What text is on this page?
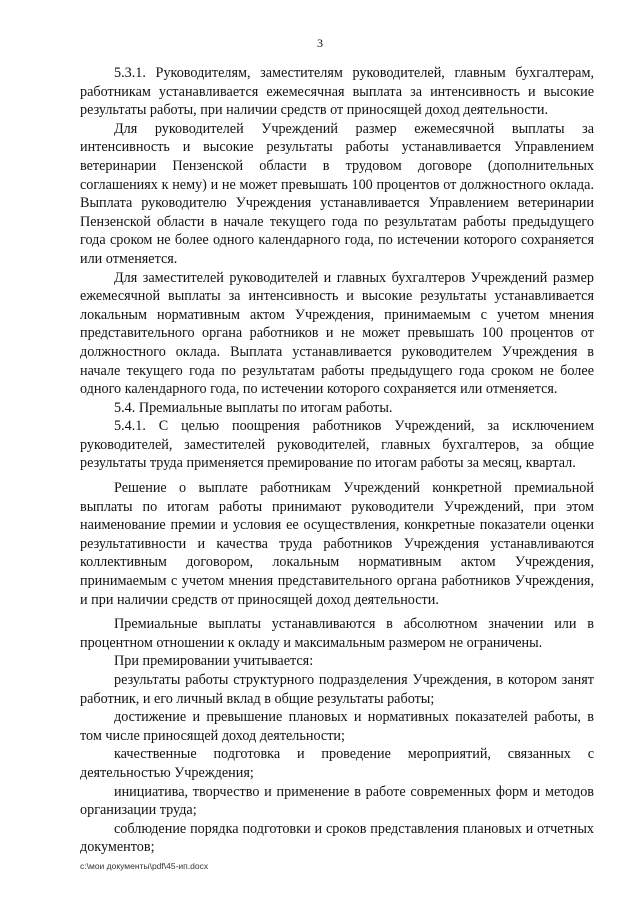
3

5.3.1. Руководителям, заместителям руководителей, главным бухгалтерам, работникам устанавливается ежемесячная выплата за интенсивность и высокие результаты работы, при наличии средств от приносящей доход деятельности.

Для руководителей Учреждений размер ежемесячной выплаты за интенсивность и высокие результаты работы устанавливается Управлением ветеринарии Пензенской области в трудовом договоре (дополнительных соглашениях к нему) и не может превышать 100 процентов от должностного оклада. Выплата руководителю Учреждения устанавливается Управлением ветеринарии Пензенской области в начале текущего года по результатам работы предыдущего года сроком не более одного календарного года, по истечении которого сохраняется или отменяется.

Для заместителей руководителей и главных бухгалтеров Учреждений размер ежемесячной выплаты за интенсивность и высокие результаты устанавливается локальным нормативным актом Учреждения, принимаемым с учетом мнения представительного органа работников и не может превышать 100 процентов от должностного оклада. Выплата устанавливается руководителем Учреждения в начале текущего года по результатам работы предыдущего года сроком не более одного календарного года, по истечении которого сохраняется или отменяется.

5.4. Премиальные выплаты по итогам работы.

5.4.1. С целью поощрения работников Учреждений, за исключением руководителей, заместителей руководителей, главных бухгалтеров, за общие результаты труда применяется премирование по итогам работы за месяц, квартал.

Решение о выплате работникам Учреждений конкретной премиальной выплаты по итогам работы принимают руководители Учреждений, при этом наименование премии и условия ее осуществления, конкретные показатели оценки результативности и качества труда работников Учреждения устанавливаются коллективным договором, локальным нормативным актом Учреждения, принимаемым с учетом мнения представительного органа работников Учреждения, и при наличии средств от приносящей доход деятельности.

Премиальные выплаты устанавливаются в абсолютном значении или в процентном отношении к окладу и максимальным размером не ограничены.

При премировании учитывается:

результаты работы структурного подразделения Учреждения, в котором занят работник, и его личный вклад в общие результаты работы;

достижение и превышение плановых и нормативных показателей работы, в том числе приносящей доход деятельности;

качественные подготовка и проведение мероприятий, связанных с деятельностью Учреждения;

инициатива, творчество и применение в работе современных форм и методов организации труда;

соблюдение порядка подготовки и сроков представления плановых и отчетных документов;

c:\мои документы\pdf\45-ип.docx
